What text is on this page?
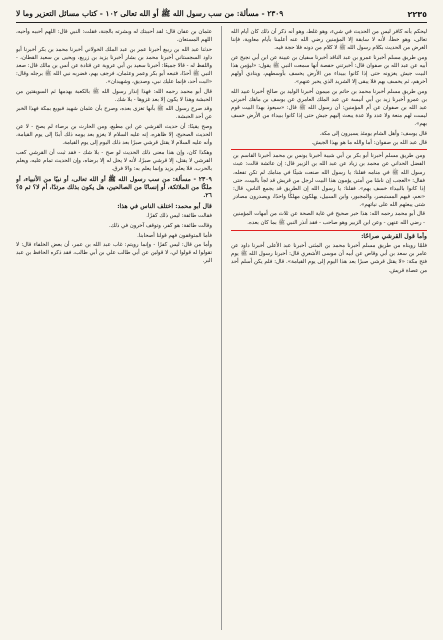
٢٢٣٥
٢٣٠٩ - مسألة: من سب رسول الله ﷺ أو الله تعالى ١٠٢ - كتاب مسائل التعزير وما لا

ليحكم بأنه كافر ليس من الحديث في شيء، وهو غلط، وهو أنه ذكر أن ذلك كان أيام الله تعالى، وهو خطأ، لأنه لا سابقة إلا المؤمنين رضي الله عنه أعلمنا بأيام معاوية، فإننا الغرض من الحديث بكلام رسول الله ﷺ لا كلام من دونه فلا حجة فيه.

ومن طريق مسلم أخبرنا عمرو بن عبد الناقد أخبرنا سفيان بن عيينة عن ابن أبي نجيح عن أبيه عن عبد الله بن صفوان قال: أخبرتني حفصة أنها سمعت النبي ﷺ يقول: «ليؤمن هذا البيت جيش يغزونه حتى إذا كانوا ببيداء من الأرض يخسف بأوسطهم، وينادي أولهم آخرهم، ثم يخسف بهم فلا يبقى إلا الشريد الذي يخبر عنهم».

ومن طريق مسلم أخبرنا محمد بن حاتم بن ميمون أخبرنا الوليد بن صالح أخبرنا عبيد الله بن عمرو أخبرنا زيد بن أبي أنيسة عن عبد الملك العامري عن يوسف بن ماهك أخبرني عبد الله بن صفوان عن أم المؤمنين: أن رسول الله ﷺ قال: «سيعوذ بهذا البيت قوم ليست لهم منعة ولا عدد ولا عدة يبعث إليهم جيش حتى إذا كانوا ببيداء من الأرض خسف بهم».

قال يوسف: وأهل الشام يومئذ يسيرون إلى مكة.

قال عبد الله بن صفوان: أما والله ما هو بهذا الجيش.

ومن طريق مسلم أخبرنا أبو بكر بن أبي شيبة أخبرنا يونس بن محمد أخبرنا القاسم بن الفضل الحداني عن محمد بن زياد عن عبد الله بن الزبير قال: إن عائشة قالت: عبث رسول الله ﷺ في منامه فقلنا: يا رسول الله صنعت شيئًا في منامك لم تكن تفعله، فقال: «العجب إن ناسًا من أمتي يؤمون هذا البيت لرجل من قريش قد لجأ بالبيت، حتى إذا كانوا بالبيداء خسف بهم». فقلنا: يا رسول الله إن الطريق قد يجمع الناس، قال: «نعم، فيهم المستبصر، والمجبور، وابن السبيل، يهلكون مهلكًا واحدًا، ويصدرون مصادر شتى يبعثهم الله على نياتهم».

قال أبو محمد رحمه الله: هذا خبر صحيح في غاية الصحة عن ثلاث من أمهات المؤمنين - رضي الله عنهن - وعن ابن الزبير وهو صاحب - فقد أنذر النبي ﷺ بما كان بعده.

وأما قول القرشي صراحًا:

فلمّا رويناه من طريق مسلم أخبرنا محمد بن المثنى أخبرنا عبد الأعلى أخبرنا داود عن عامر بن سعد بن أبي وقاص عن أبيه أن موسى الأشعري قال: أخبرنا رسول الله ﷺ يوم فتح مكة: «لا يقتل قرشي صبرًا بعد هذا اليوم إلى يوم القيامة». قال: فلم يكن أسلم أحد من عصاة قريش.

عثمان بن عفان قال: لقد أحببتك له وبشرته بالجنة، فقلت: النبي قال: اللهم أحببه وأحيه، اللهم المستعان.

حدثنا عبد الله بن ربيع أخبرنا عمر بن عبد الملك الخولاني أخبرنا محمد بن بكر أخبرنا أبو داود السجستاني أخبرنا محمد بن بشار أخبرنا يزيد بن زريع، ويحيى بن سعيد القطان، - واللفظ له - قالا جميعًا: أخبرنا سعيد بن أبي عروبة عن قتادة عن أنس بن مالك قال: صعد النبي ﷺ أحدًا، فتبعه أبو بكر وعمر وعثمان، فرجف بهم، فضربه نبي الله ﷺ برجله وقال: «اثبت أحد، فإنما عليك نبي، وصديق، وشهيدان».

قال أبو محمد رحمه الله: فهذا إنذار رسول الله ﷺ بالكعبة بهدمها ثم السويقتين من الحبشة وهذا لا يكون إلا بعد غزوها - بلا شك.

وقد صرح رسول الله ﷺ بأنها تغزى بعده، وصرح بأن عثمان شهيد فبويع بمكة فهذا الخبر عن أحد الحبشة.

وصح يقينًا: أن حديث القرشي عن ابن مطيع، ومن الحارث بن برصاء لم يصح - لا عن الحديث الصحيح، إلا ظاهره، إنه عليه السلام لا يغزو بعد يومه ذلك أبدًا إلى يوم القيامة، وأنه عليه السلام لا يقتل قرشي صبرًا بعد ذلك اليوم إلى يوم القيامة.

وهكذا كان، وإن هذا معنى ذلك الحديث لو صح - بلا شك - فقد ثبت أن القرشي كعب القرشي لا يقتل، إلا قرشي صبرًا، لأنه لا يحل له إلا برضاه، وإن الحديث تمام عليه، ويعلم بالحرب، فلا يعلم يزيد وإنما يعلم به: والا فرق.

٢٣٠٩ - مسألة: من سب رسول الله ﷺ أو الله تعالى، أو نبيًا من الأنبياء، أو ملكًا من الملائكة، أو إنسانًا من الصالحين، هل يكون بذلك مرتدًا، أم لا؟ ثم ٥؟ ٢٦.

قال أبو محمد: اختلف الناس في هذا:

فقالت طائفة: ليس ذلك كفرًا.

وقالت طائفة: هو كفر، وتوقف آخرون في ذلك.

فأما المتوقفون فهم قولنا أصحابنا.

وأما من قال: ليس كفرًا - وإنما رويتم: غاب عبد الله بن عمر، أن بعض الخلفاء قال: لا تقولوا له قولوا لي، لا قولين عن أبي طالب علي بن أبي طالب، فقد ذكره الحافظ بن عبد البر.
